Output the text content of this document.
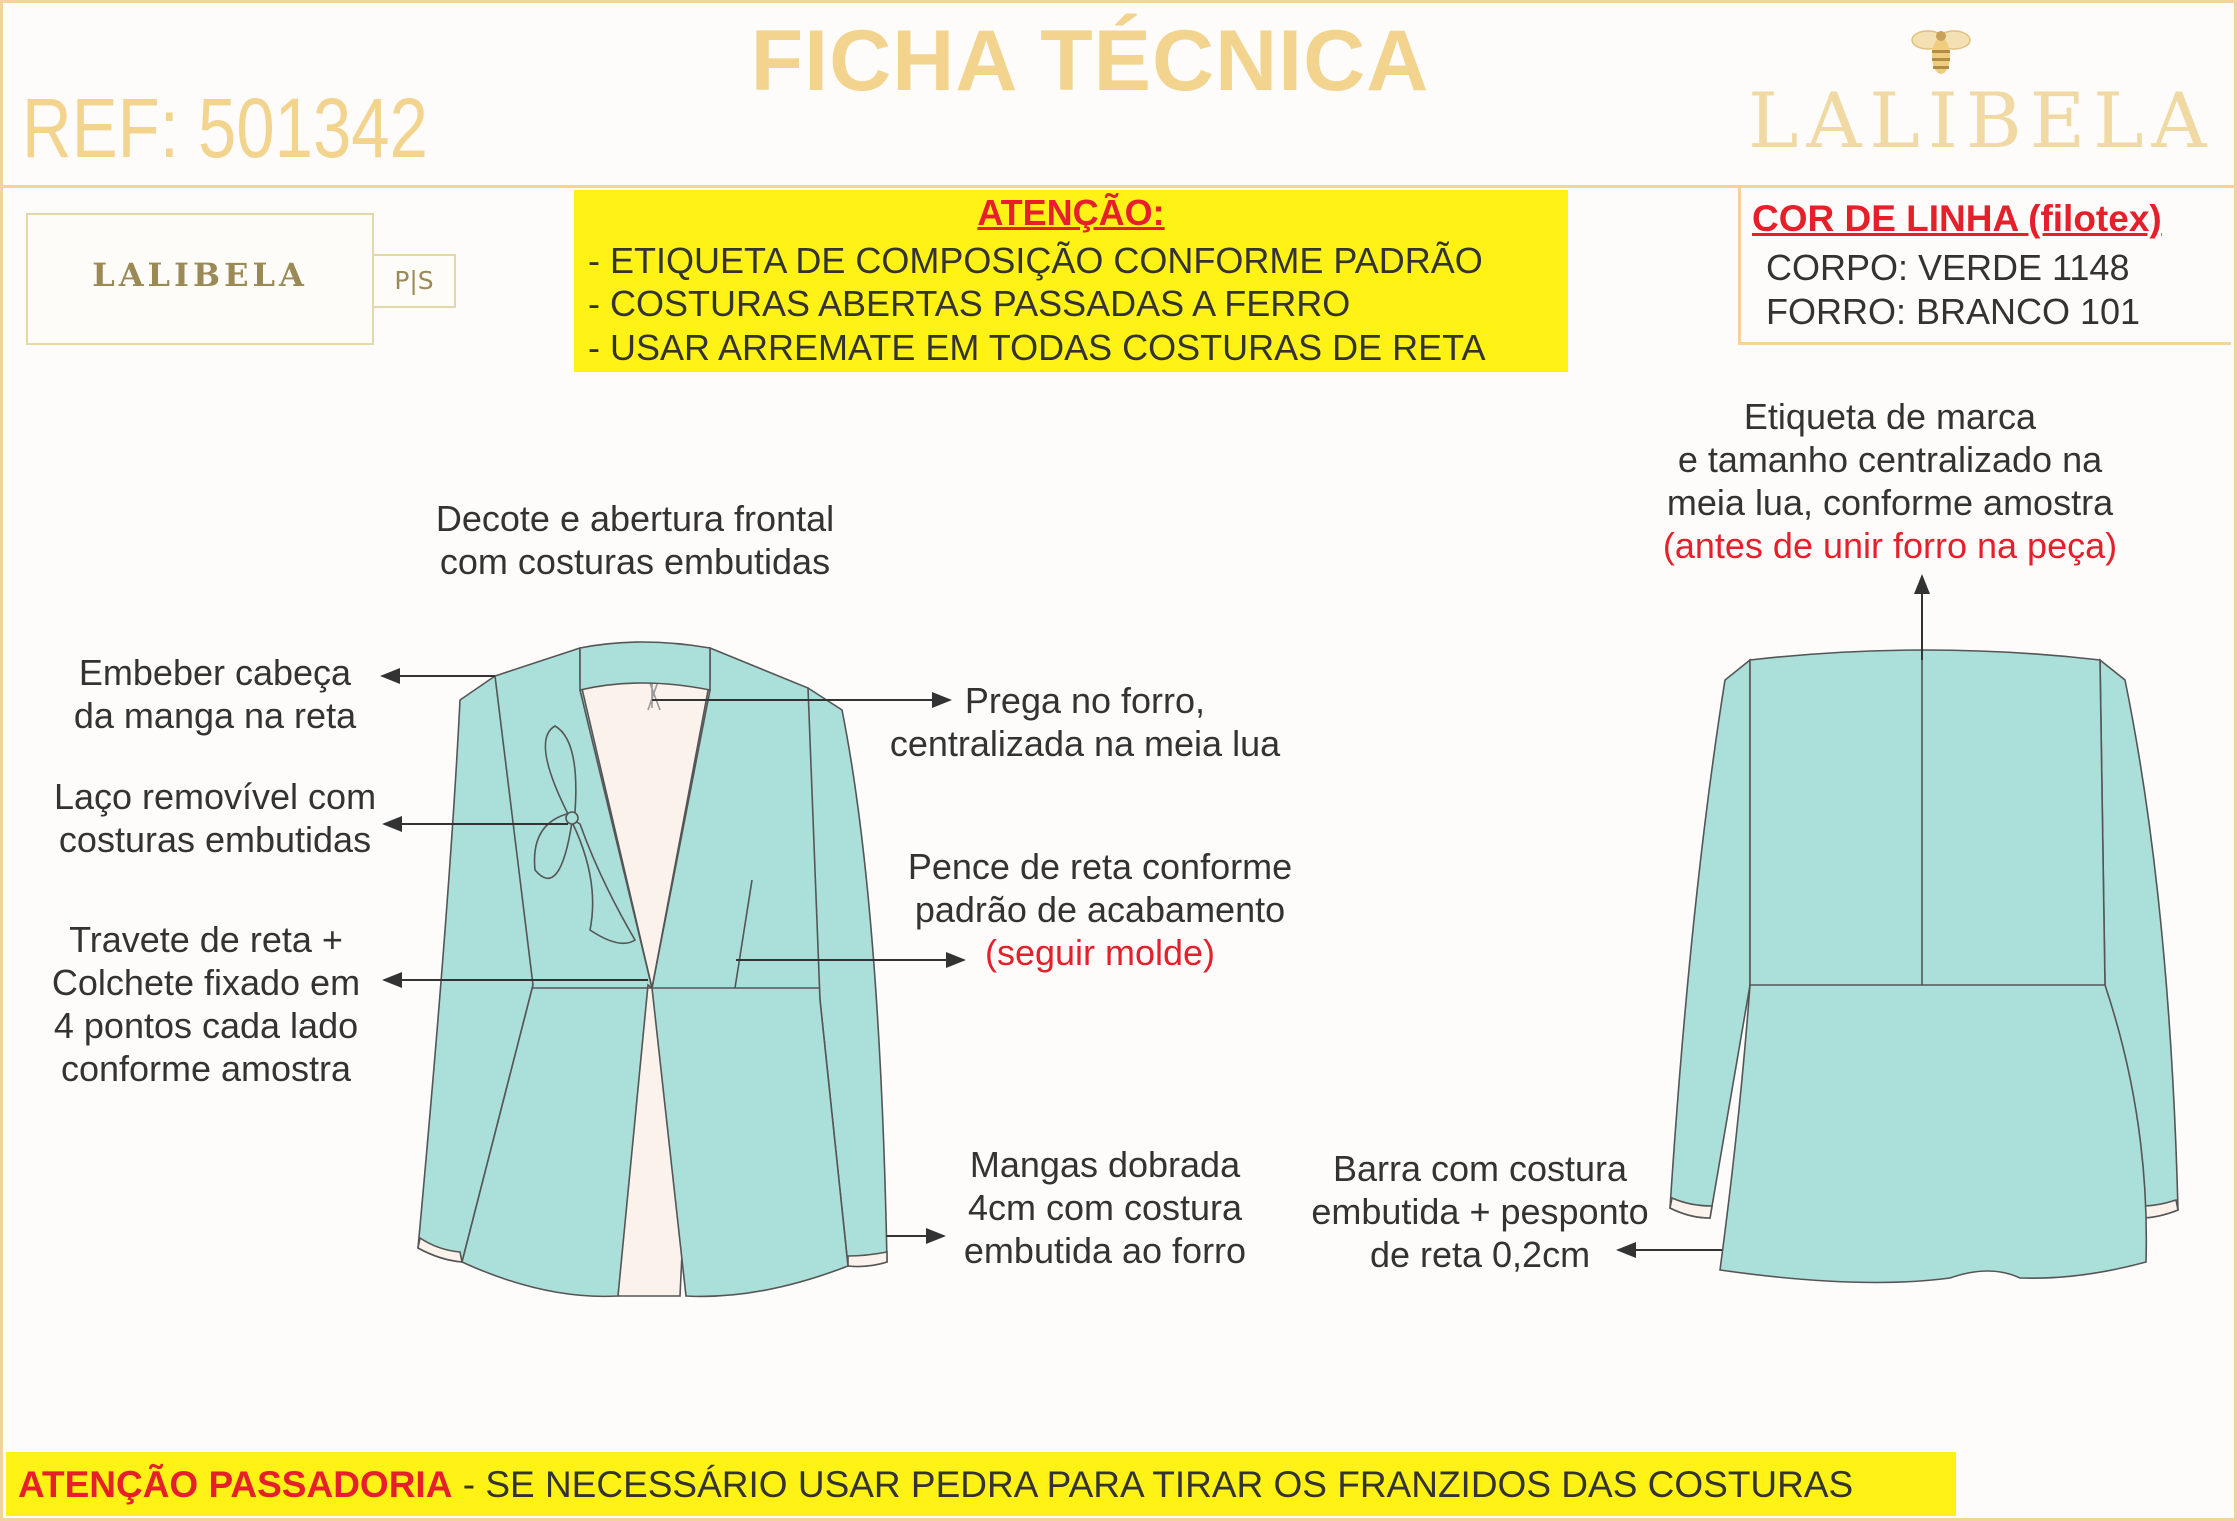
FICHA TÉCNICA
REF: 501342	LALIBELA
LALIBELA	P|S
ATENÇÃO:
- ETIQUETA DE COMPOSIÇÃO CONFORME PADRÃO
- COSTURAS ABERTAS PASSADAS A FERRO
- USAR ARREMATE EM TODAS COSTURAS DE RETA
COR DE LINHA (filotex)
CORPO: VERDE 1148
FORRO: BRANCO 101
Decote e abertura frontal
com costuras embutidas
Embeber cabeça
da manga na reta
Laço removível com
costuras embutidas
Travete de reta +
Colchete fixado em
4 pontos cada lado
conforme amostra
Prega no forro,
centralizada na meia lua
Pence de reta conforme
padrão de acabamento
(seguir molde)
Mangas dobrada
4cm com costura
embutida ao forro
Barra com costura
embutida + pesponto
de reta 0,2cm
Etiqueta de marca
e tamanho centralizado na
meia lua, conforme amostra
(antes de unir forro na peça)
ATENÇÃO PASSADORIA - SE NECESSÁRIO USAR PEDRA PARA TIRAR OS FRANZIDOS DAS COSTURAS
